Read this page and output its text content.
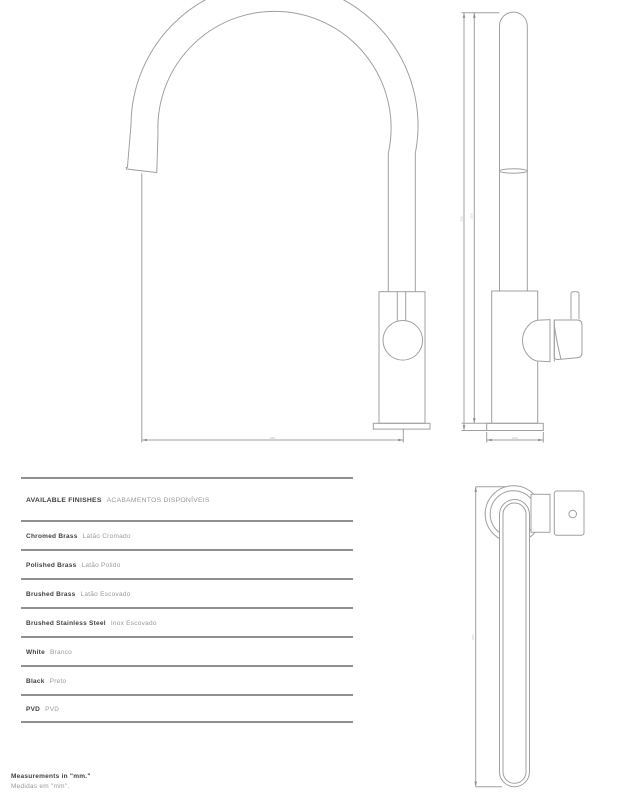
228
368
350
ø50
264
AVAILABLE FINISHES ACABAMENTOS DISPONÍVEIS
Chromed Brass Latão Cromado
Polished Brass Latão Polido
Brushed Brass Latão Escovado
Brushed Stainless Steel Inox Escovado
White Branco
Black Preto
PVD PVD
Measurements in "mm."
Medidas em "mm".
